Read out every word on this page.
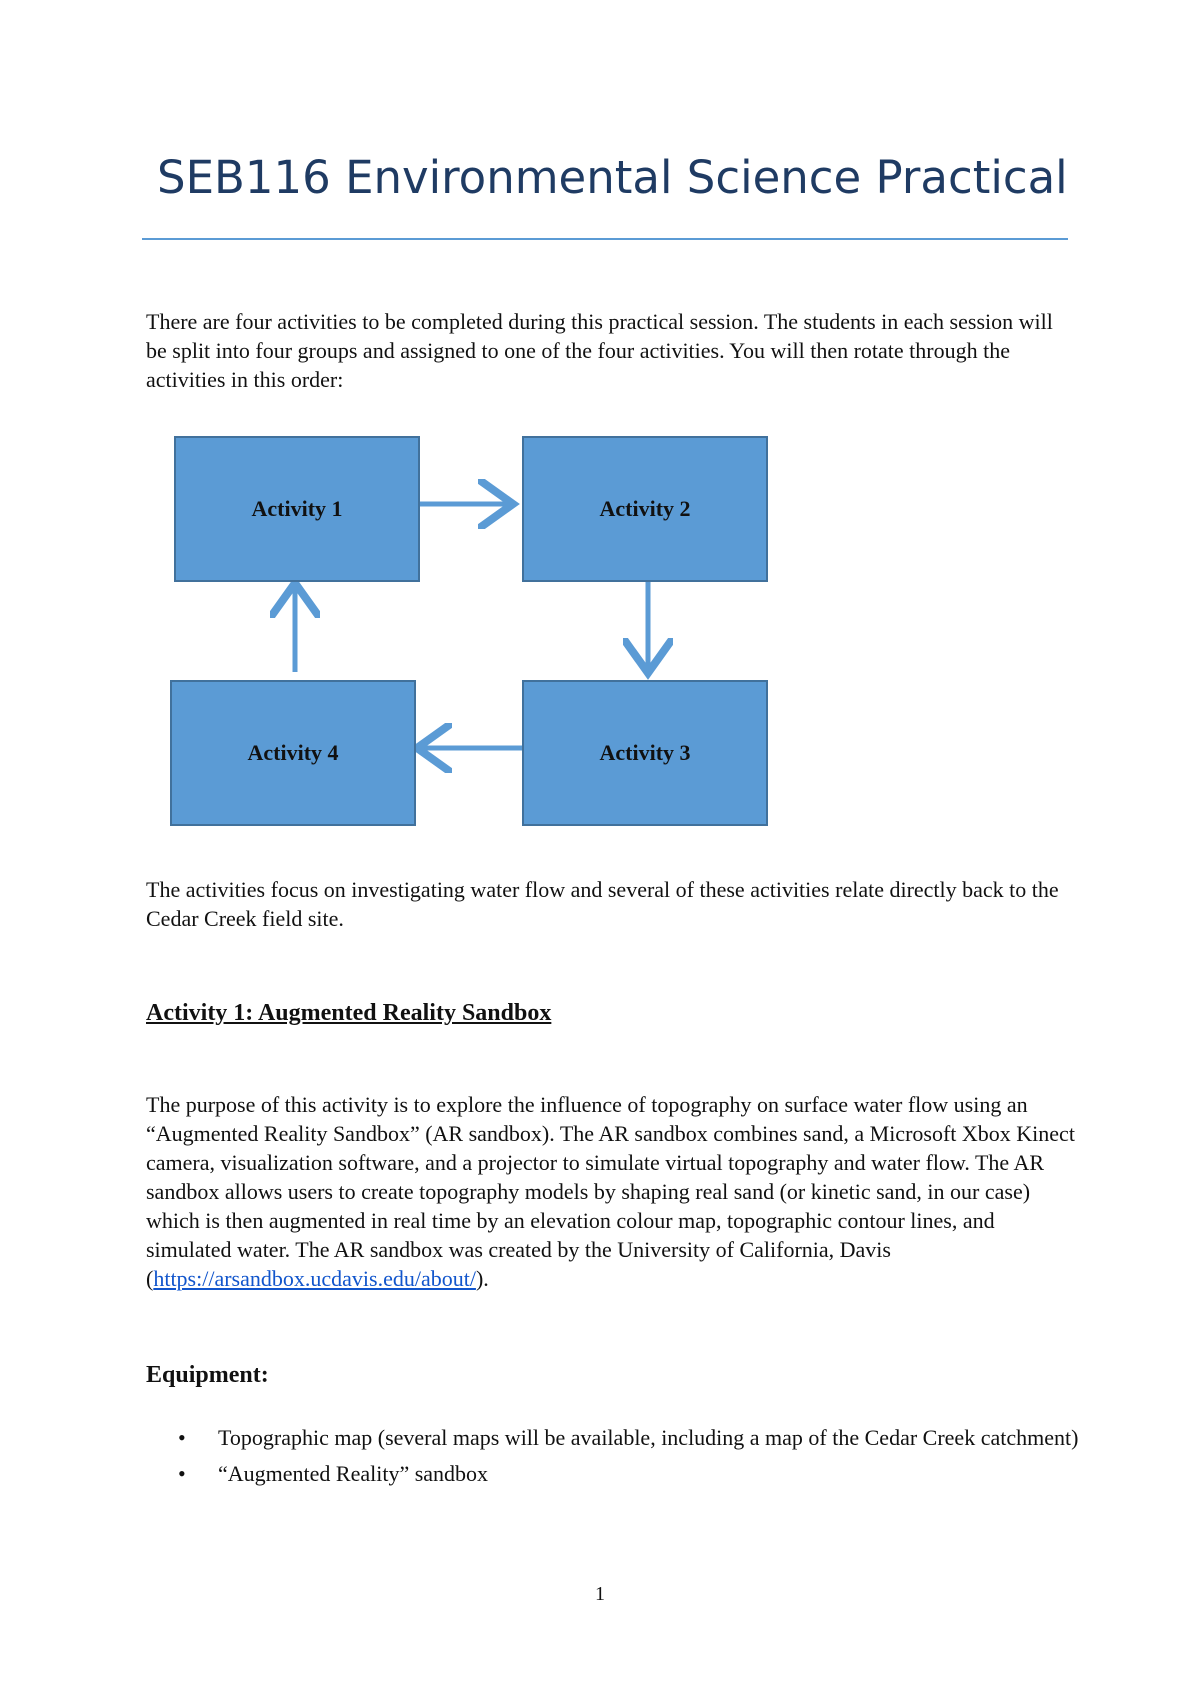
SEB116 Environmental Science Practical

There are four activities to be completed during this practical session. The students in each session will be split into four groups and assigned to one of the four activities. You will then rotate through the activities in this order:

Activity 1	Activity 2
Activity 3
Activity 4

The activities focus on investigating water flow and several of these activities relate directly back to the Cedar Creek field site.

Activity 1: Augmented Reality Sandbox

The purpose of this activity is to explore the influence of topography on surface water flow using an “Augmented Reality Sandbox” (AR sandbox). The AR sandbox combines sand, a Microsoft Xbox Kinect camera, visualization software, and a projector to simulate virtual topography and water flow. The AR sandbox allows users to create topography models by shaping real sand (or kinetic sand, in our case) which is then augmented in real time by an elevation colour map, topographic contour lines, and simulated water. The AR sandbox was created by the University of California, Davis (https://arsandbox.ucdavis.edu/about/).

Equipment:
• Topographic map (several maps will be available, including a map of the Cedar Creek catchment)
• “Augmented Reality” sandbox
1
